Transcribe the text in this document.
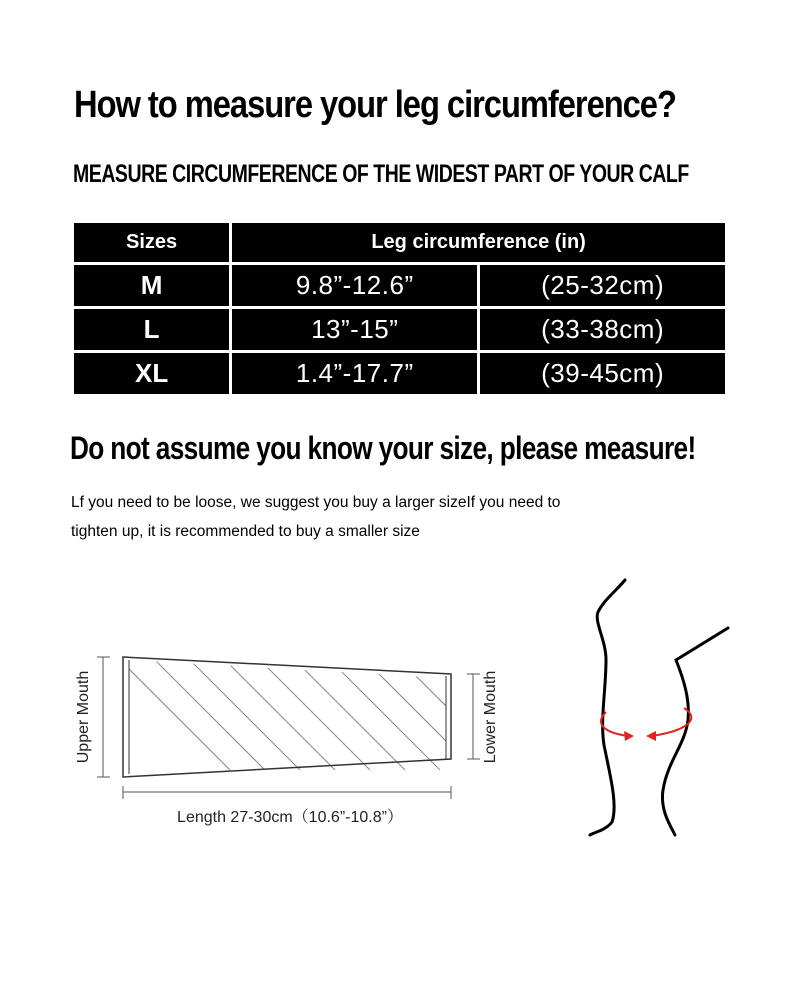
How to measure your leg circumference?
MEASURE CIRCUMFERENCE OF THE WIDEST PART OF YOUR CALF
Sizes	Leg circumference (in)	
M	9.8”-12.6”	(25-32cm)
L	13”-15”	(33-38cm)
XL	1.4”-17.7”	(39-45cm)
Do not assume you know your size, please measure!
Lf you need to be loose, we suggest you buy a larger sizeIf you need to
tighten up, it is recommended to buy a smaller size
Upper Mouth	Lower Mouth
Length 27-30cm（10.6”-10.8”）
